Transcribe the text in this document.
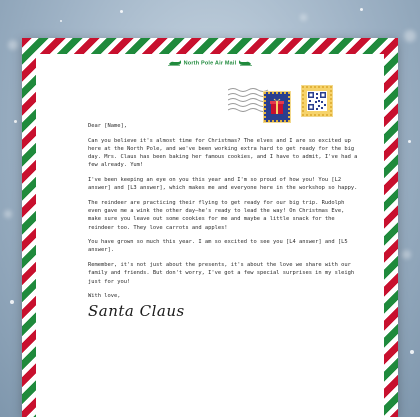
North Pole Air Mail

Dear [Name],

Can you believe it's almost time for Christmas? The elves and I are so excited up here at the North Pole, and we've been working extra hard to get ready for the big day. Mrs. Claus has been baking her famous cookies, and I have to admit, I've had a few already. Yum!

I've been keeping an eye on you this year and I'm so proud of how you! You [L2 answer] and [L3 answer], which makes me and everyone here in the workshop so happy.

The reindeer are practicing their flying to get ready for our big trip. Rudolph even gave me a wink the other day—he's ready to lead the way! On Christmas Eve, make sure you leave out some cookies for me and maybe a little snack for the reindeer too. They love carrots and apples!

You have grown so much this year. I am so excited to see you [L4 answer] and [L5 answer].

Remember, it's not just about the presents, it's about the love we share with our family and friends. But don't worry, I've got a few special surprises in my sleigh just for you!

With love,

Santa Claus
